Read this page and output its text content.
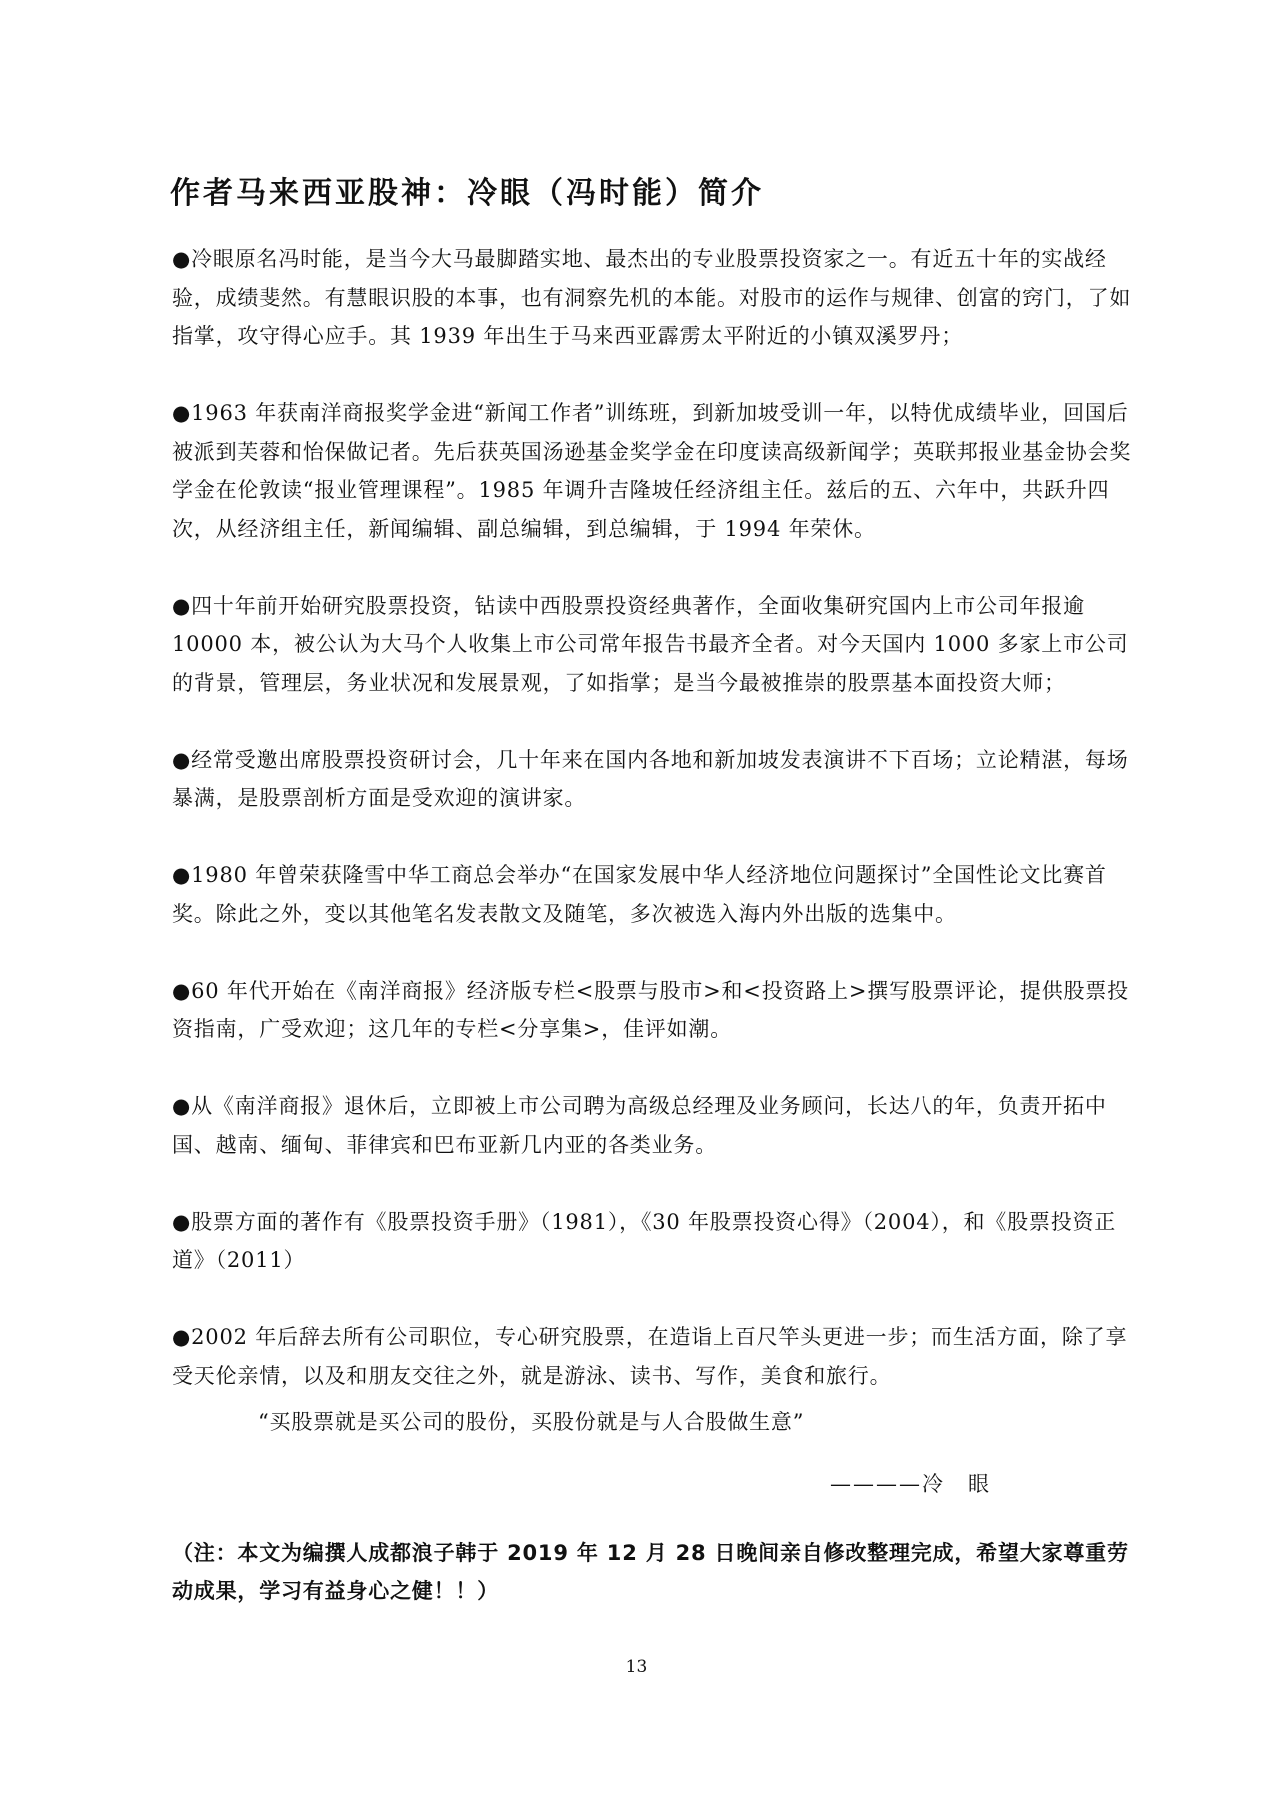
作者马来西亚股神：冷眼（冯时能）简介

●冷眼原名冯时能，是当今大马最脚踏实地、最杰出的专业股票投资家之一。有近五十年的实战经验，成绩斐然。有慧眼识股的本事，也有洞察先机的本能。对股市的运作与规律、创富的窍门，了如指掌，攻守得心应手。其 1939 年出生于马来西亚霹雳太平附近的小镇双溪罗丹；

●1963 年获南洋商报奖学金进“新闻工作者”训练班，到新加坡受训一年，以特优成绩毕业，回国后被派到芙蓉和怡保做记者。先后获英国汤逊基金奖学金在印度读高级新闻学；英联邦报业基金协会奖学金在伦敦读“报业管理课程”。1985 年调升吉隆坡任经济组主任。兹后的五、六年中，共跃升四次，从经济组主任，新闻编辑、副总编辑，到总编辑，于 1994 年荣休。

●四十年前开始研究股票投资，钻读中西股票投资经典著作，全面收集研究国内上市公司年报逾 10000 本，被公认为大马个人收集上市公司常年报告书最齐全者。对今天国内 1000 多家上市公司的背景，管理层，务业状况和发展景观，了如指掌；是当今最被推崇的股票基本面投资大师；

●经常受邀出席股票投资研讨会，几十年来在国内各地和新加坡发表演讲不下百场；立论精湛，每场暴满，是股票剖析方面是受欢迎的演讲家。

●1980 年曾荣获隆雪中华工商总会举办“在国家发展中华人经济地位问题探讨”全国性论文比赛首奖。除此之外，变以其他笔名发表散文及随笔，多次被选入海内外出版的选集中。

●60 年代开始在《南洋商报》经济版专栏<股票与股市>和<投资路上>撰写股票评论，提供股票投资指南，广受欢迎；这几年的专栏<分享集>，佳评如潮。

●从《南洋商报》退休后，立即被上市公司聘为高级总经理及业务顾问，长达八的年，负责开拓中国、越南、缅甸、菲律宾和巴布亚新几内亚的各类业务。

●股票方面的著作有《股票投资手册》（1981），《30 年股票投资心得》（2004），和《股票投资正道》（2011）

●2002 年后辞去所有公司职位，专心研究股票，在造诣上百尺竿头更进一步；而生活方面，除了享受天伦亲情，以及和朋友交往之外，就是游泳、读书、写作，美食和旅行。

“买股票就是买公司的股份，买股份就是与人合股做生意”
————冷　眼
（注：本文为编撰人成都浪子韩于 2019 年 12 月 28 日晚间亲自修改整理完成，希望大家尊重劳动成果，学习有益身心之健！！）
13
